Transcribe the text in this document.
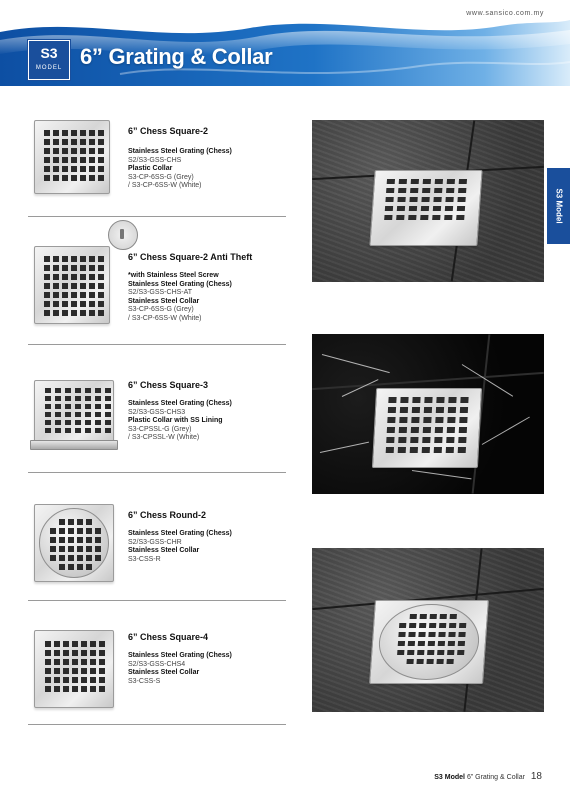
www.sansico.com.my
S3
MODEL 6” Grating & Collar
S3 Model
6” Chess Square-2
Stainless Steel Grating (Chess)
S2/S3-GSS-CHS
Plastic Collar
S3-CP-6SS-G (Grey)
/ S3-CP-6SS-W (White)
6” Chess Square-2 Anti Theft
*with Stainless Steel Screw
Stainless Steel Grating (Chess)
S2/S3-GSS-CHS-AT
Stainless Steel Collar
S3-CP-6SS-G (Grey)
/ S3-CP-6SS-W (White)
6” Chess Square-3
Stainless Steel Grating (Chess)
S2/S3-GSS-CHS3
Plastic Collar with SS Lining
S3-CPSSL-G (Grey)
/ S3-CPSSL-W (White)
6” Chess Round-2
Stainless Steel Grating (Chess)
S2/S3-GSS-CHR
Stainless Steel Collar
S3-CSS-R
6” Chess Square-4
Stainless Steel Grating (Chess)
S2/S3-GSS-CHS4
Stainless Steel Collar
S3-CSS-S
S3 Model 6” Grating & Collar 18
